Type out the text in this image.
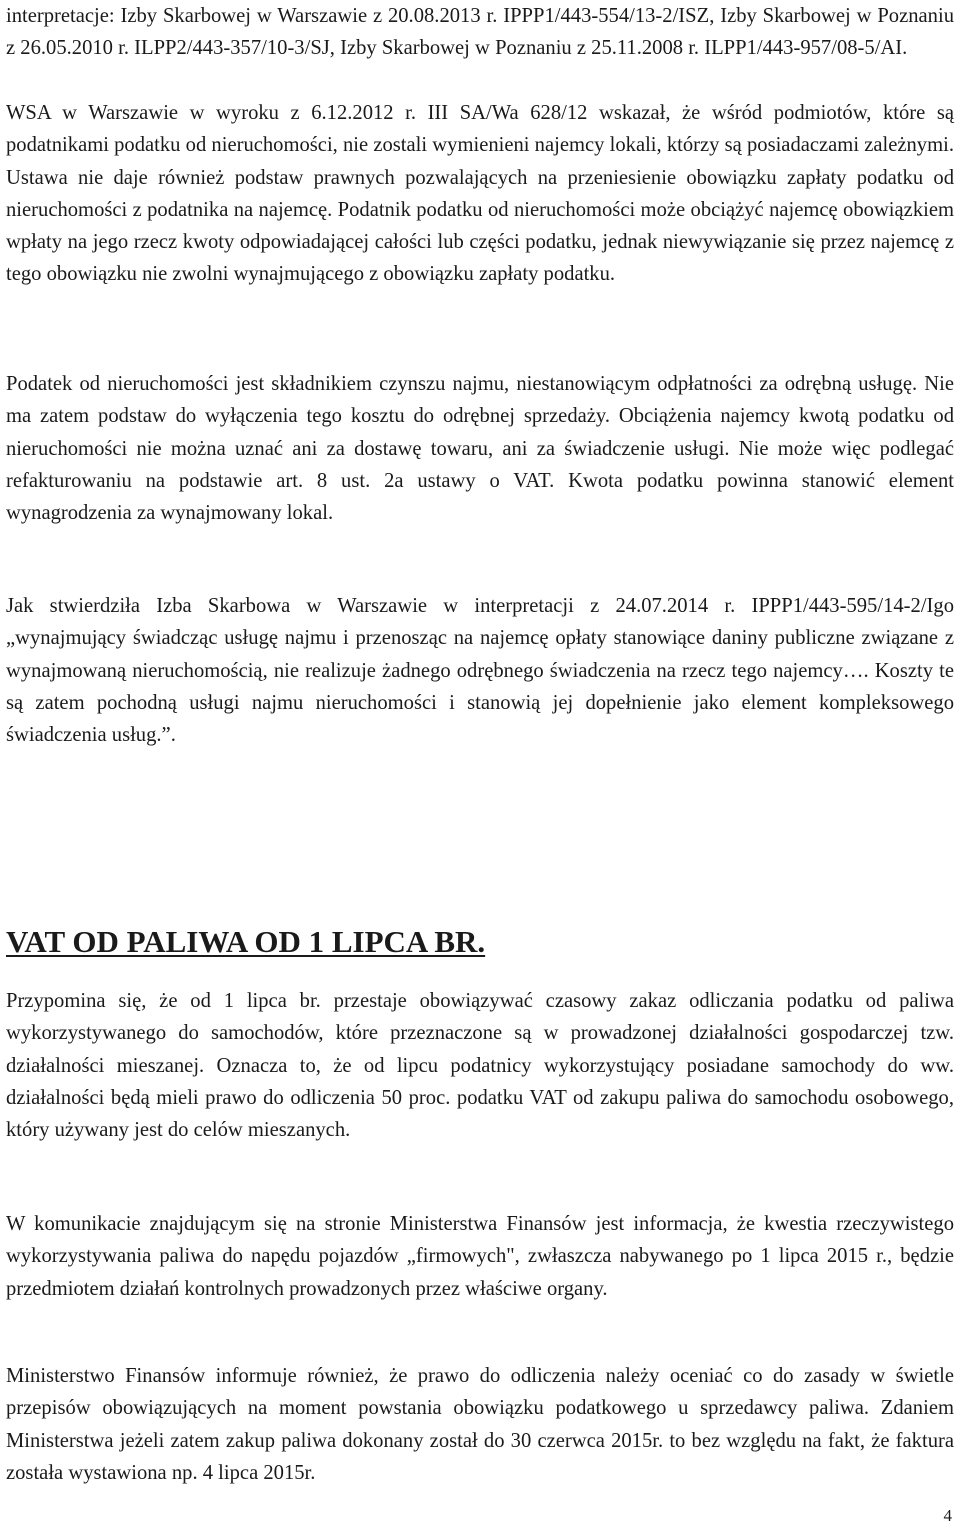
interpretacje: Izby Skarbowej w Warszawie z 20.08.2013 r. IPPP1/443-554/13-2/ISZ, Izby Skarbowej w Poznaniu z 26.05.2010 r. ILPP2/443-357/10-3/SJ, Izby Skarbowej w Poznaniu z 25.11.2008 r. ILPP1/443-957/08-5/AI.

WSA w Warszawie w wyroku z 6.12.2012 r. III SA/Wa 628/12 wskazał, że wśród podmiotów, które są podatnikami podatku od nieruchomości, nie zostali wymienieni najemcy lokali, którzy są posiadaczami zależnymi. Ustawa nie daje również podstaw prawnych pozwalających na przeniesienie obowiązku zapłaty podatku od nieruchomości z podatnika na najemcę. Podatnik podatku od nieruchomości może obciążyć najemcę obowiązkiem wpłaty na jego rzecz kwoty odpowiadającej całości lub części podatku, jednak niewywiązanie się przez najemcę z tego obowiązku nie zwolni wynajmującego z obowiązku zapłaty podatku.

Podatek od nieruchomości jest składnikiem czynszu najmu, niestanowiącym odpłatności za odrębną usługę. Nie ma zatem podstaw do wyłączenia tego kosztu do odrębnej sprzedaży. Obciążenia najemcy kwotą podatku od nieruchomości nie można uznać ani za dostawę towaru, ani za świadczenie usługi. Nie może więc podlegać refakturowaniu na podstawie art. 8 ust. 2a ustawy o VAT. Kwota podatku powinna stanowić element wynagrodzenia za wynajmowany lokal.

Jak stwierdziła Izba Skarbowa w Warszawie w interpretacji z 24.07.2014 r. IPPP1/443-595/14-2/Igo „wynajmujący świadcząc usługę najmu i przenosząc na najemcę opłaty stanowiące daniny publiczne związane z wynajmowaną nieruchomością, nie realizuje żadnego odrębnego świadczenia na rzecz tego najemcy…. Koszty te są zatem pochodną usługi najmu nieruchomości i stanowią jej dopełnienie jako element kompleksowego świadczenia usług.”.

VAT OD PALIWA OD 1 LIPCA BR.

Przypomina się, że od 1 lipca br. przestaje obowiązywać czasowy zakaz odliczania podatku od paliwa wykorzystywanego do samochodów, które przeznaczone są w prowadzonej działalności gospodarczej tzw. działalności mieszanej. Oznacza to, że od lipcu podatnicy wykorzystujący posiadane samochody do ww. działalności będą mieli prawo do odliczenia 50 proc. podatku VAT od zakupu paliwa do samochodu osobowego, który używany jest do celów mieszanych.

W komunikacie znajdującym się na stronie Ministerstwa Finansów jest informacja, że kwestia rzeczywistego wykorzystywania paliwa do napędu pojazdów „firmowych", zwłaszcza nabywanego po 1 lipca 2015 r., będzie przedmiotem działań kontrolnych prowadzonych przez właściwe organy.

Ministerstwo Finansów informuje również, że prawo do odliczenia należy oceniać co do zasady w świetle przepisów obowiązujących na moment powstania obowiązku podatkowego u sprzedawcy paliwa. Zdaniem Ministerstwa jeżeli zatem zakup paliwa dokonany został do 30 czerwca 2015r. to bez względu na fakt, że faktura została wystawiona np. 4 lipca 2015r.

4
